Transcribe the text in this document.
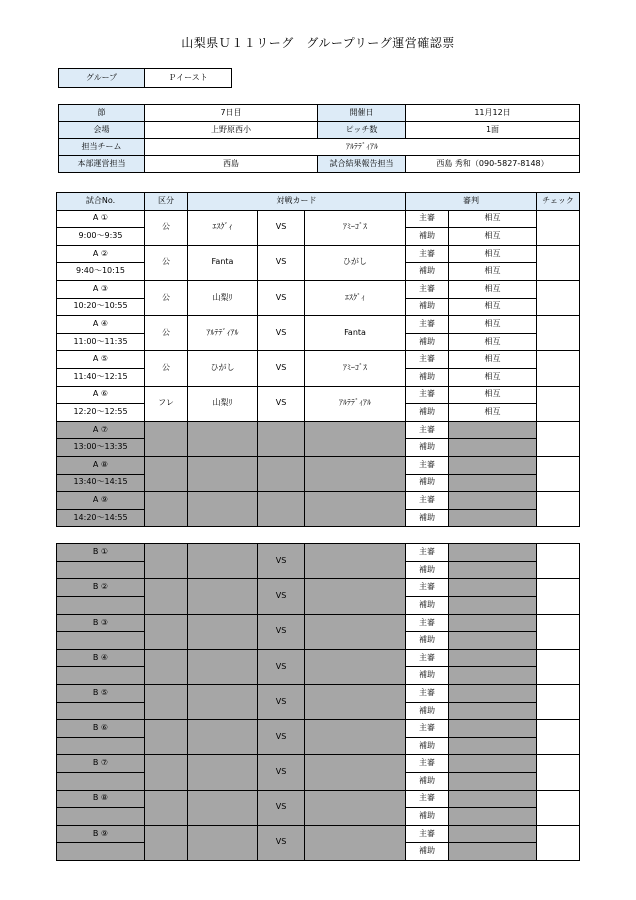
山梨県Ｕ１１リーグ　グループリーグ運営確認票
グループ	Ｐイースト
節	7日目	開催日	11月12日
会場	上野原西小	ピッチ数	1面
担当チーム	ｱﾙﾃﾃﾞｨｱﾙ		
本部運営担当	西島	試合結果報告担当	西島 秀和（090-5827-8148）
試合No.	区分	対戦カード			審判		チェック
A ①	公	ｴｽｸﾞｨ	VS	ｱﾐｰｺﾞｽ	主審	相互	
9:00～9:35					補助	相互	
A ②	公	Fanta	VS	ひがし	主審	相互	
9:40～10:15					補助	相互	
A ③	公	山梨ﾘ	VS	ｴｽｸﾞｨ	主審	相互	
10:20～10:55					補助	相互	
A ④	公	ｱﾙﾃﾃﾞｨｱﾙ	VS	Fanta	主審	相互	
11:00～11:35					補助	相互	
A ⑤	公	ひがし	VS	ｱﾐｰｺﾞｽ	主審	相互	
11:40～12:15					補助	相互	
A ⑥	フレ	山梨ﾘ	VS	ｱﾙﾃﾃﾞｨｱﾙ	主審	相互	
12:20～12:55					補助	相互	
A ⑦					主審		
13:00～13:35					補助		
A ⑧					主審		
13:40～14:15					補助		
A ⑨					主審		
14:20～14:55					補助		

B ①			VS		主審		
					補助		
B ②			VS		主審		
					補助		
B ③			VS		主審		
					補助		
B ④			VS		主審		
					補助		
B ⑤			VS		主審		
					補助		
B ⑥			VS		主審		
					補助		
B ⑦			VS		主審		
					補助		
B ⑧			VS		主審		
					補助		
B ⑨			VS		主審		
					補助		
